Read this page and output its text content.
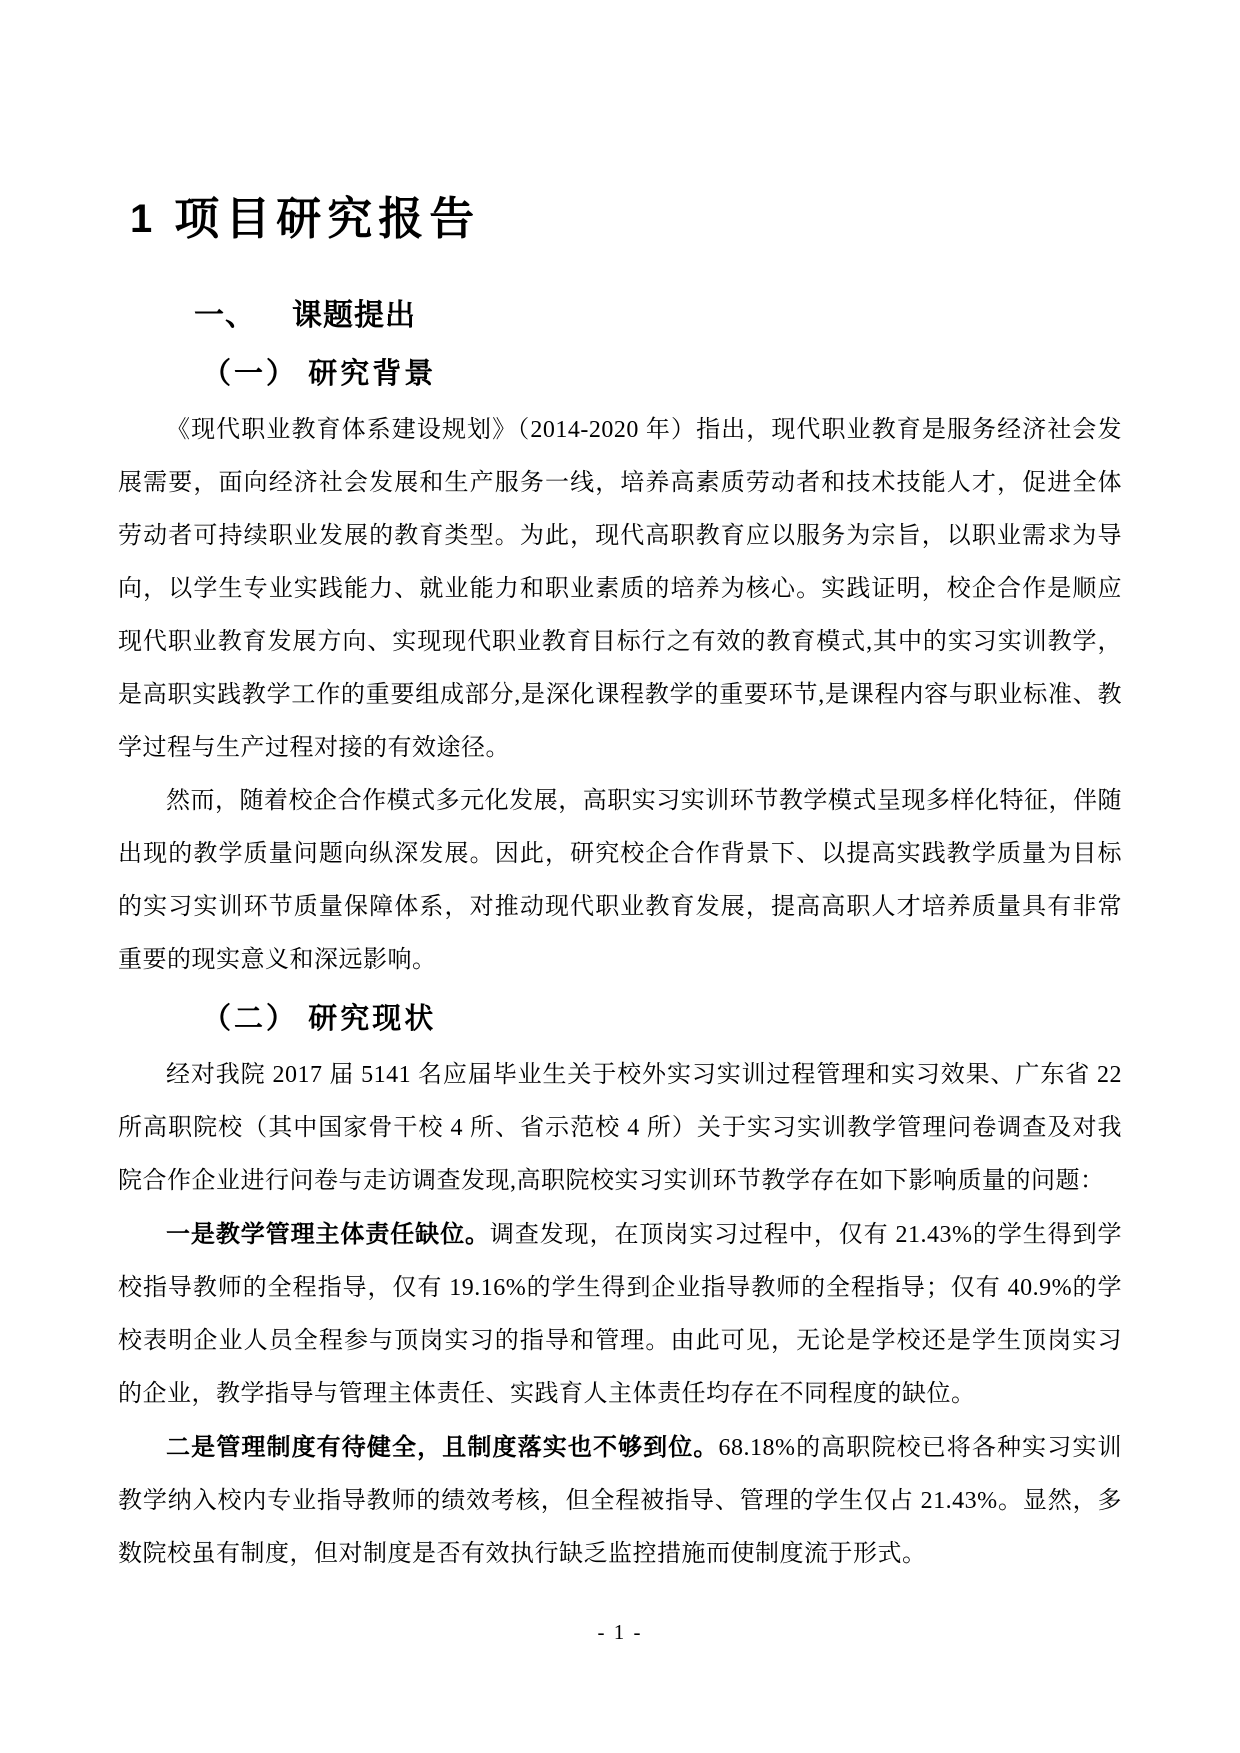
1 项目研究报告
一、 课题提出
（一） 研究背景

《现代职业教育体系建设规划》（2014-2020 年）指出，现代职业教育是服务经济社会发展需要，面向经济社会发展和生产服务一线，培养高素质劳动者和技术技能人才，促进全体劳动者可持续职业发展的教育类型。为此，现代高职教育应以服务为宗旨，以职业需求为导向，以学生专业实践能力、就业能力和职业素质的培养为核心。实践证明，校企合作是顺应现代职业教育发展方向、实现现代职业教育目标行之有效的教育模式,其中的实习实训教学，是高职实践教学工作的重要组成部分,是深化课程教学的重要环节,是课程内容与职业标准、教学过程与生产过程对接的有效途径。

然而，随着校企合作模式多元化发展，高职实习实训环节教学模式呈现多样化特征，伴随出现的教学质量问题向纵深发展。因此，研究校企合作背景下、以提高实践教学质量为目标的实习实训环节质量保障体系，对推动现代职业教育发展，提高高职人才培养质量具有非常重要的现实意义和深远影响。

（二） 研究现状

经对我院 2017 届 5141 名应届毕业生关于校外实习实训过程管理和实习效果、广东省 22 所高职院校（其中国家骨干校 4 所、省示范校 4 所）关于实习实训教学管理问卷调查及对我院合作企业进行问卷与走访调查发现,高职院校实习实训环节教学存在如下影响质量的问题：

一是教学管理主体责任缺位。调查发现，在顶岗实习过程中，仅有 21.43%的学生得到学校指导教师的全程指导，仅有 19.16%的学生得到企业指导教师的全程指导；仅有 40.9%的学校表明企业人员全程参与顶岗实习的指导和管理。由此可见，无论是学校还是学生顶岗实习的企业，教学指导与管理主体责任、实践育人主体责任均存在不同程度的缺位。

二是管理制度有待健全，且制度落实也不够到位。68.18%的高职院校已将各种实习实训教学纳入校内专业指导教师的绩效考核，但全程被指导、管理的学生仅占 21.43%。显然，多数院校虽有制度，但对制度是否有效执行缺乏监控措施而使制度流于形式。

- 1 -
